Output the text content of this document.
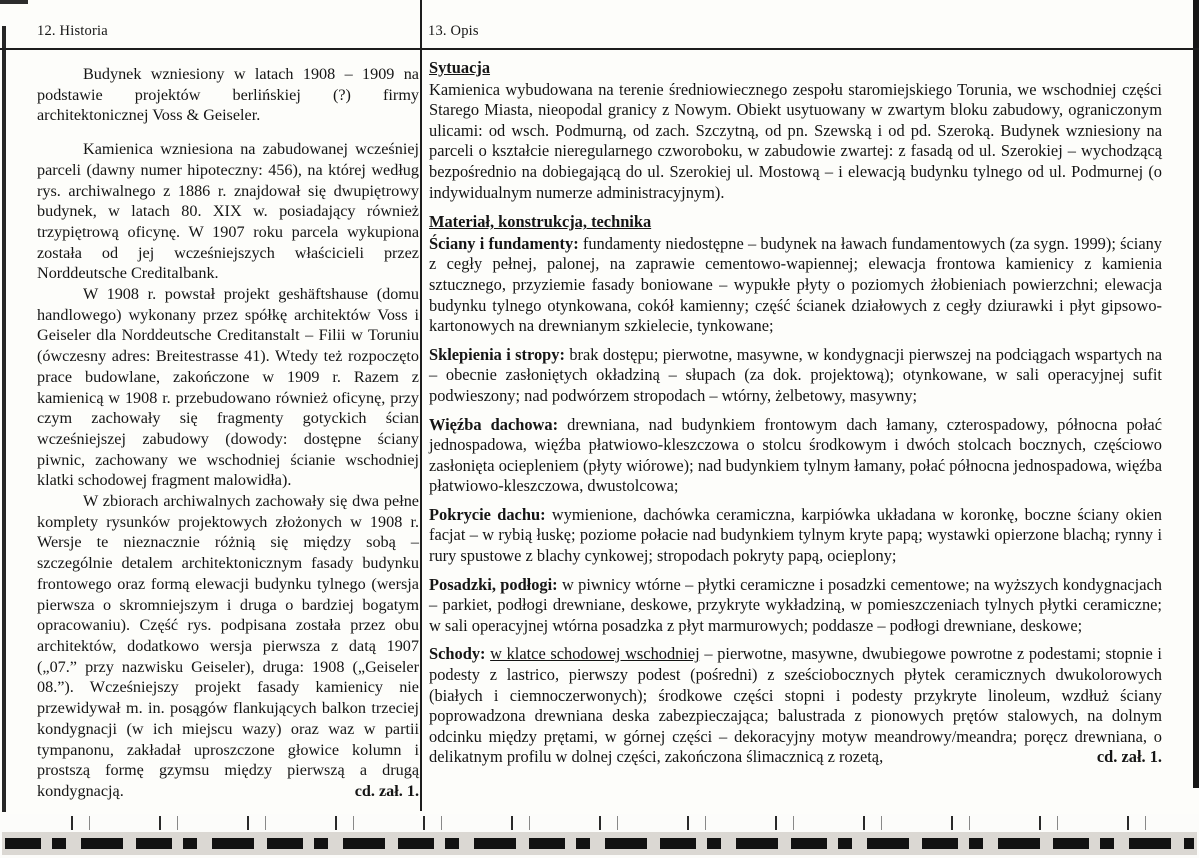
12. Historia	13. Opis

Budynek wzniesiony w latach 1908 – 1909 na podstawie projektów berlińskiej (?) firmy architektonicznej Voss & Geiseler.

Kamienica wzniesiona na zabudowanej wcześniej parceli (dawny numer hipoteczny: 456), na której według rys. archiwalnego z 1886 r. znajdował się dwupiętrowy budynek, w latach 80. XIX w. posiadający również trzypiętrową oficynę. W 1907 roku parcela wykupiona została od jej wcześniejszych właścicieli przez Norddeutsche Creditalbank.

W 1908 r. powstał projekt geshäftshause (domu handlowego) wykonany przez spółkę architektów Voss i Geiseler dla Norddeutsche Creditanstalt – Filii w Toruniu (ówczesny adres: Breitestrasse 41). Wtedy też rozpoczęto prace budowlane, zakończone w 1909 r. Razem z kamienicą w 1908 r. przebudowano również oficynę, przy czym zachowały się fragmenty gotyckich ścian wcześniejszej zabudowy (dowody: dostępne ściany piwnic, zachowany we wschodniej ścianie wschodniej klatki schodowej fragment malowidła).

W zbiorach archiwalnych zachowały się dwa pełne komplety rysunków projektowych złożonych w 1908 r. Wersje te nieznacznie różnią się między sobą – szczególnie detalem architektonicznym fasady budynku frontowego oraz formą elewacji budynku tylnego (wersja pierwsza o skromniejszym i druga o bardziej bogatym opracowaniu). Część rys. podpisana została przez obu architektów, dodatkowo wersja pierwsza z datą 1907 („07.” przy nazwisku Geiseler), druga: 1908 („Geiseler 08.”). Wcześniejszy projekt fasady kamienicy nie przewidywał m. in. posągów flankujących balkon trzeciej kondygnacji (w ich miejscu wazy) oraz waz w partii tympanonu, zakładał uproszczone głowice kolumn i prostszą formę gzymsu między pierwszą a drugą kondygnacją.	cd. zał. 1.

Sytuacja

Kamienica wybudowana na terenie średniowiecznego zespołu staromiejskiego Torunia, we wschodniej części Starego Miasta, nieopodal granicy z Nowym. Obiekt usytuowany w zwartym bloku zabudowy, ograniczonym ulicami: od wsch. Podmurną, od zach. Szczytną, od pn. Szewską i od pd. Szeroką. Budynek wzniesiony na parceli o kształcie nieregularnego czworoboku, w zabudowie zwartej: z fasadą od ul. Szerokiej – wychodzącą bezpośrednio na dobiegającą do ul. Szerokiej ul. Mostową – i elewacją budynku tylnego od ul. Podmurnej (o indywidualnym numerze administracyjnym).

Materiał, konstrukcja, technika

Ściany i fundamenty: fundamenty niedostępne – budynek na ławach fundamentowych (za sygn. 1999); ściany z cegły pełnej, palonej, na zaprawie cementowo-wapiennej; elewacja frontowa kamienicy z kamienia sztucznego, przyziemie fasady boniowane – wypukłe płyty o poziomych żłobieniach powierzchni; elewacja budynku tylnego otynkowana, cokół kamienny; część ścianek działowych z cegły dziurawki i płyt gipsowo-kartonowych na drewnianym szkielecie, tynkowane;

Sklepienia i stropy: brak dostępu; pierwotne, masywne, w kondygnacji pierwszej na podciągach wspartych na – obecnie zasłoniętych okładziną – słupach (za dok. projektową); otynkowane, w sali operacyjnej sufit podwieszony; nad podwórzem stropodach – wtórny, żelbetowy, masywny;

Więźba dachowa: drewniana, nad budynkiem frontowym dach łamany, czterospadowy, północna połać jednospadowa, więźba płatwiowo-kleszczowa o stolcu środkowym i dwóch stolcach bocznych, częściowo zasłonięta ociepleniem (płyty wiórowe); nad budynkiem tylnym łamany, połać północna jednospadowa, więźba płatwiowo-kleszczowa, dwustolcowa;

Pokrycie dachu: wymienione, dachówka ceramiczna, karpiówka układana w koronkę, boczne ściany okien facjat – w rybią łuskę; poziome połacie nad budynkiem tylnym kryte papą; wystawki opierzone blachą; rynny i rury spustowe z blachy cynkowej; stropodach pokryty papą, ocieplony;

Posadzki, podłogi: w piwnicy wtórne – płytki ceramiczne i posadzki cementowe; na wyższych kondygnacjach – parkiet, podłogi drewniane, deskowe, przykryte wykładziną, w pomieszczeniach tylnych płytki ceramiczne; w sali operacyjnej wtórna posadzka z płyt marmurowych; poddasze – podłogi drewniane, deskowe;

Schody: w klatce schodowej wschodniej – pierwotne, masywne, dwubiegowe powrotne z podestami; stopnie i podesty z lastrico, pierwszy podest (pośredni) z sześciobocznych płytek ceramicznych dwukolorowych (białych i ciemnoczerwonych); środkowe części stopni i podesty przykryte linoleum, wzdłuż ściany poprowadzona drewniana deska zabezpieczająca; balustrada z pionowych prętów stalowych, na dolnym odcinku między prętami, w górnej części – dekoracyjny motyw meandrowy/meandra; poręcz drewniana, o delikatnym profilu w dolnej części, zakończona ślimacznicą z rozetą,	cd. zał. 1.
